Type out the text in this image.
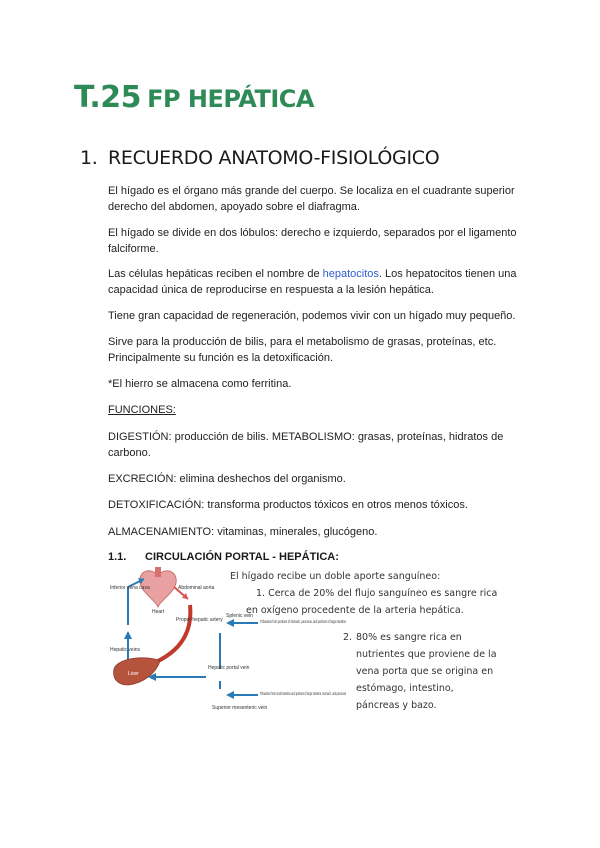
T.25 FP HEPÁTICA
1. RECUERDO ANATOMO-FISIOLÓGICO
El hígado es el órgano más grande del cuerpo. Se localiza en el cuadrante superior derecho del abdomen, apoyado sobre el diafragma.
El hígado se divide en dos lóbulos: derecho e izquierdo, separados por el ligamento falciforme.
Las células hepáticas reciben el nombre de hepatocitos. Los hepatocitos tienen una capacidad única de reproducirse en respuesta a la lesión hepática.
Tiene gran capacidad de regeneración, podemos vivir con un hígado muy pequeño.
Sirve para la producción de bilis, para el metabolismo de grasas, proteínas, etc. Principalmente su función es la detoxificación.
*El hierro se almacena como ferritina.
FUNCIONES:
DIGESTIÓN: producción de bilis. METABOLISMO: grasas, proteínas, hidratos de carbono.
EXCRECIÓN: elimina deshechos del organismo.
DETOXIFICACIÓN: transforma productos tóxicos en otros menos tóxicos.
ALMACENAMIENTO: vitaminas, minerales, glucógeno.
1.1. CIRCULACIÓN PORTAL - HEPÁTICA:
Inferior vena cava
Heart
Abdominal aorta
Hepatic veins
Proper hepatic artery
Splenic vein
Hepatic portal vein
Superior mesenteric vein
Liver
Tributaries from portions of stomach, pancreas, and portions of large intestine
Tributaries from small intestine and portions of large intestine, stomach, and pancreas
El hígado recibe un doble aporte sanguíneo:
1. Cerca de 20% del flujo sanguíneo es sangre rica
en oxígeno procedente de la arteria hepática.
2. 80% es sangre rica en
nutrientes que proviene de la
vena porta que se origina en
estómago, intestino,
páncreas y bazo.
